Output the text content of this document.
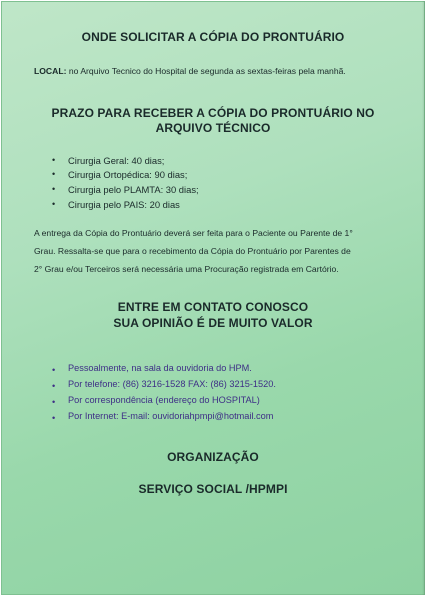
ONDE SOLICITAR A CÓPIA DO PRONTUÁRIO
LOCAL: no Arquivo Tecnico do Hospital de segunda as sextas-feiras pela manhã.
PRAZO PARA RECEBER A CÓPIA DO PRONTUÁRIO NO
ARQUIVO TÉCNICO
• Cirurgia Geral: 40 dias;
• Cirurgia Ortopédica: 90 dias;
• Cirurgia pelo PLAMTA: 30 dias;
• Cirurgia pelo PAIS: 20 dias
A entrega da Cópia do Prontuário deverá ser feita para o Paciente ou Parente de 1°
Grau. Ressalta-se que para o recebimento da Cópia do Prontuário por Parentes de
2° Grau e/ou Terceiros será necessária uma Procuração registrada em Cartório.
ENTRE EM CONTATO CONOSCO
SUA OPINIÃO É DE MUITO VALOR
• Pessoalmente, na sala da ouvidoria do HPM.
• Por telefone: (86) 3216-1528 FAX: (86) 3215-1520.
• Por correspondência (endereço do HOSPITAL)
• Por Internet: E-mail: ouvidoriahpmpi@hotmail.com
ORGANIZAÇÃO
SERVIÇO SOCIAL /HPMPI
